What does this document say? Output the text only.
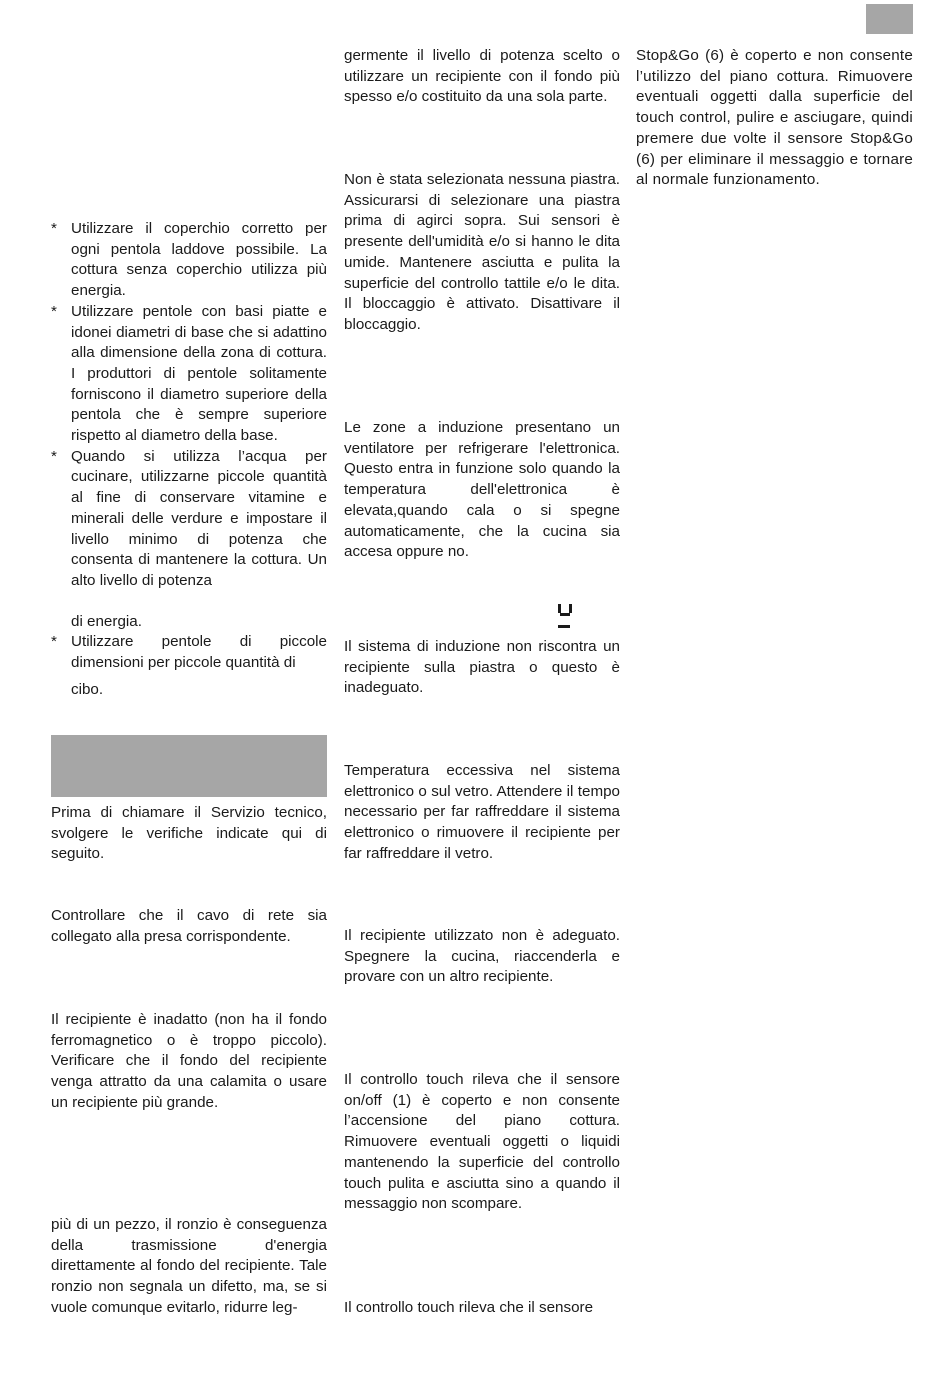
* Utilizzare il coperchio corretto per ogni pentola laddove possibile. La cottura senza coperchio utilizza più energia.

* Utilizzare pentole con basi piatte e idonei diametri di base che si adattino alla dimensione della zona di cottura. I produttori di pentole solitamente forniscono il diametro superiore della pentola che è sempre superiore rispetto al diametro della base.

* Quando si utilizza l’acqua per cucinare, utilizzarne piccole quantità al fine di conservare vitamine e minerali delle verdure e impostare il livello minimo di potenza che consenta di mantenere la cottura. Un alto livello di potenza

di energia.

* Utilizzare pentole di piccole dimensioni per piccole quantità di

cibo.

Prima di chiamare il Servizio tecnico, svolgere le verifiche indicate qui di seguito.

Controllare che il cavo di rete sia collegato alla presa corrispondente.

Il recipiente è inadatto (non ha il fondo ferromagnetico o è troppo piccolo). Verificare che il fondo del recipiente venga attratto da una calamita o usare un recipiente più grande.

più di un pezzo, il ronzio è conseguenza della trasmissione d'energia direttamente al fondo del recipiente. Tale ronzio non segnala un difetto, ma, se si vuole comunque evitarlo, ridurre leg-

germente il livello di potenza scelto o utilizzare un recipiente con il fondo più spesso e/o costituito da una sola parte.

Non è stata selezionata nessuna piastra. Assicurarsi di selezionare una piastra prima di agirci sopra. Sui sensori è presente dell'umidità e/o si hanno le dita umide. Mantenere asciutta e pulita la superficie del controllo tattile e/o le dita. Il bloccaggio è attivato. Disattivare il bloccaggio.

Le zone a induzione presentano un ventilatore per refrigerare l'elettronica. Questo entra in funzione solo quando la temperatura dell'elettronica è elevata,quando cala o si spegne automaticamente, che la cucina sia accesa oppure no.

Il sistema di induzione non riscontra un recipiente sulla piastra o questo è inadeguato.

Temperatura eccessiva nel sistema elettronico o sul vetro. Attendere il tempo necessario per far raffreddare il sistema elettronico o rimuovere il recipiente per far raffreddare il vetro.

Il recipiente utilizzato non è adeguato. Spegnere la cucina, riaccenderla e provare con un altro recipiente.

Il controllo touch rileva che il sensore on/off (1) è coperto e non consente l’accensione del piano cottura. Rimuovere eventuali oggetti o liquidi mantenendo la superficie del controllo touch pulita e asciutta sino a quando il messaggio non scompare.

Il controllo touch rileva che il sensore

Stop&Go (6) è coperto e non consente l’utilizzo del piano cottura. Rimuovere eventuali oggetti dalla superficie del touch control, pulire e asciugare, quindi premere due volte il sensore Stop&Go (6) per eliminare il messaggio e tornare al normale funzionamento.
